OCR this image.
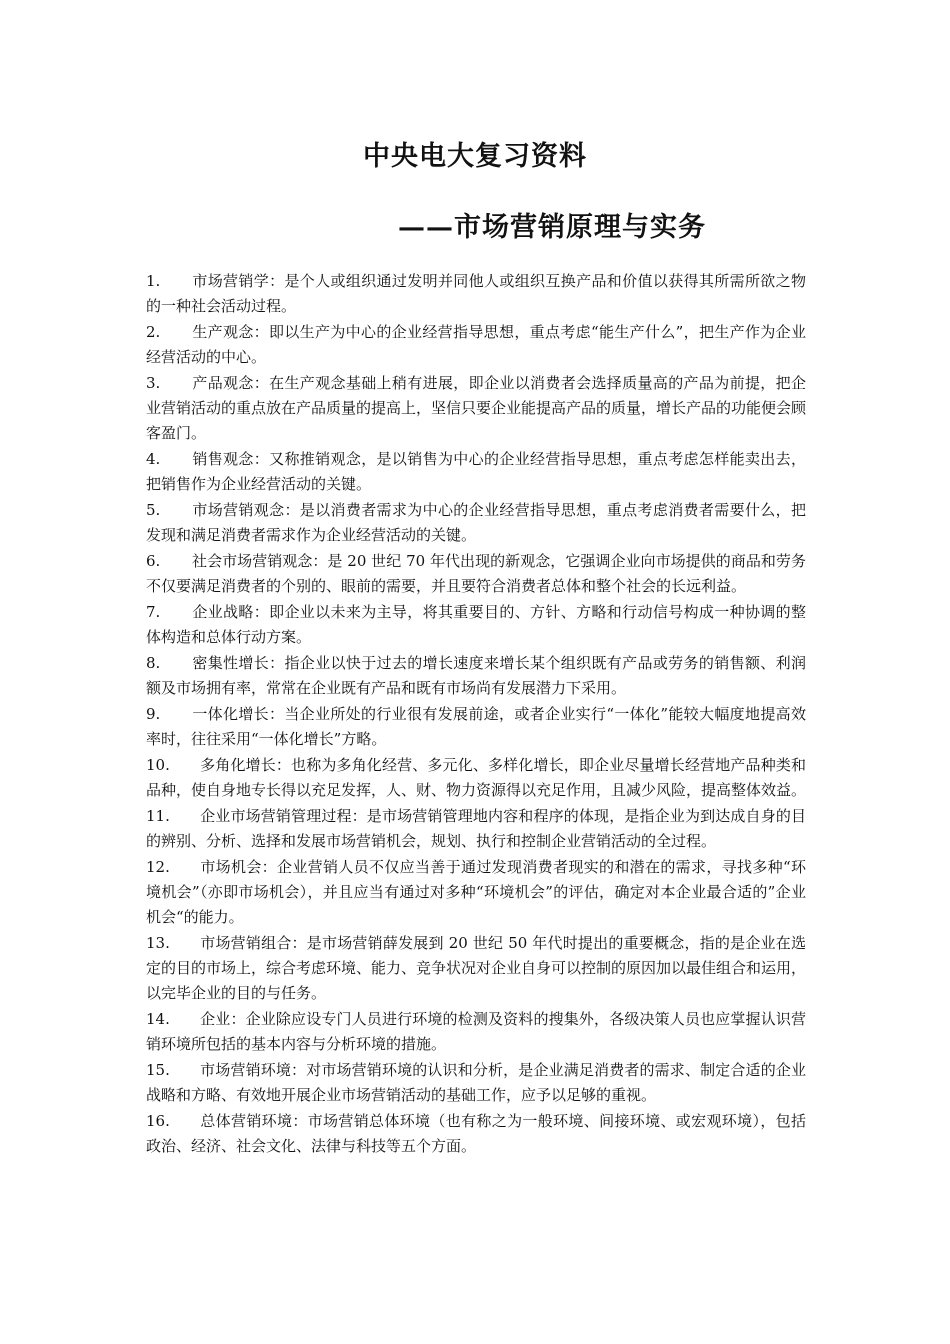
中央电大复习资料
——市场营销原理与实务
1. 市场营销学：是个人或组织通过发明并同他人或组织互换产品和价值以获得其所需所欲之物的一种社会活动过程。
2. 生产观念：即以生产为中心的企业经营指导思想，重点考虑“能生产什么”，把生产作为企业经营活动的中心。
3. 产品观念：在生产观念基础上稍有进展，即企业以消费者会选择质量高的产品为前提，把企业营销活动的重点放在产品质量的提高上，坚信只要企业能提高产品的质量，增长产品的功能便会顾客盈门。
4. 销售观念：又称推销观念，是以销售为中心的企业经营指导思想，重点考虑怎样能卖出去，把销售作为企业经营活动的关键。
5. 市场营销观念：是以消费者需求为中心的企业经营指导思想，重点考虑消费者需要什么，把发现和满足消费者需求作为企业经营活动的关键。
6. 社会市场营销观念：是 20 世纪 70 年代出现的新观念，它强调企业向市场提供的商品和劳务不仅要满足消费者的个别的、眼前的需要，并且要符合消费者总体和整个社会的长远利益。
7. 企业战略：即企业以未来为主导，将其重要目的、方针、方略和行动信号构成一种协调的整体构造和总体行动方案。
8. 密集性增长：指企业以快于过去的增长速度来增长某个组织既有产品或劳务的销售额、利润额及市场拥有率，常常在企业既有产品和既有市场尚有发展潜力下采用。
9. 一体化增长：当企业所处的行业很有发展前途，或者企业实行“一体化”能较大幅度地提高效率时，往往采用“一体化增长”方略。
10. 多角化增长：也称为多角化经营、多元化、多样化增长，即企业尽量增长经营地产品种类和品种，使自身地专长得以充足发挥，人、财、物力资源得以充足作用，且减少风险，提高整体效益。
11. 企业市场营销管理过程：是市场营销管理地内容和程序的体现，是指企业为到达成自身的目的辨别、分析、选择和发展市场营销机会，规划、执行和控制企业营销活动的全过程。
12. 市场机会：企业营销人员不仅应当善于通过发现消费者现实的和潜在的需求，寻找多种“环境机会”（亦即市场机会），并且应当有通过对多种“环境机会”的评估，确定对本企业最合适的”企业机会“的能力。
13. 市场营销组合：是市场营销薛发展到 20 世纪 50 年代时提出的重要概念，指的是企业在选定的目的市场上，综合考虑环境、能力、竞争状况对企业自身可以控制的原因加以最佳组合和运用，以完毕企业的目的与任务。
14. 企业：企业除应设专门人员进行环境的检测及资料的搜集外，各级决策人员也应掌握认识营销环境所包括的基本内容与分析环境的措施。
15. 市场营销环境：对市场营销环境的认识和分析，是企业满足消费者的需求、制定合适的企业战略和方略、有效地开展企业市场营销活动的基础工作，应予以足够的重视。
16. 总体营销环境：市场营销总体环境（也有称之为一般环境、间接环境、或宏观环境），包括政治、经济、社会文化、法律与科技等五个方面。
